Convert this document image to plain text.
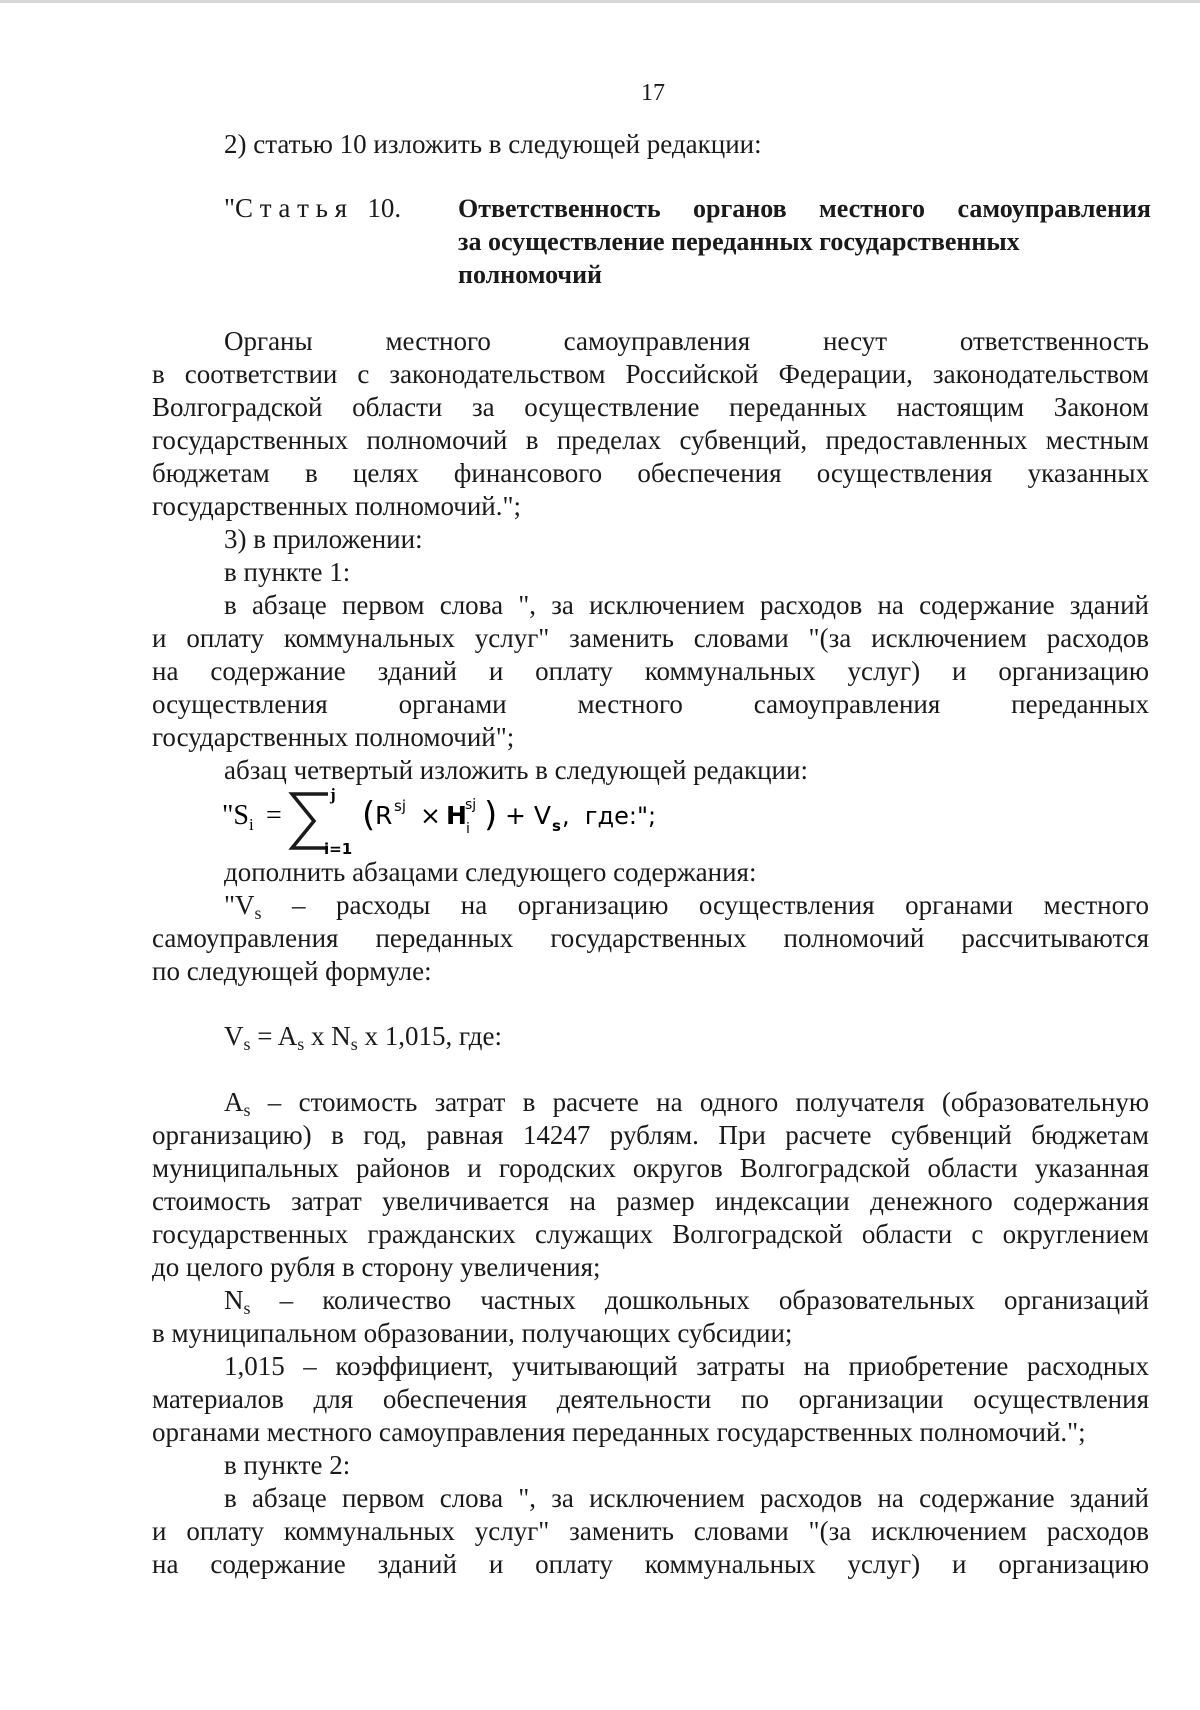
17
2) статью 10 изложить в следующей редакции:
"С т а т ь я   10. Ответственность органов местного самоуправления
за осуществление переданных государственных
полномочий
Органы местного самоуправления несут ответственность
в соответствии с законодательством Российской Федерации, законодательством
Волгоградской области за осуществление переданных настоящим Законом
государственных полномочий в пределах субвенций, предоставленных местным
бюджетам в целях финансового обеспечения осуществления указанных
государственных полномочий.";
3) в приложении:
в пункте 1:
в абзаце первом слова ", за исключением расходов на содержание зданий
и оплату коммунальных услуг" заменить словами "(за исключением расходов
на содержание зданий и оплату коммунальных услуг) и организацию
осуществления органами местного самоуправления переданных
государственных полномочий";
абзац четвертый изложить в следующей редакции:
"S i =
j
i=1
( R sj × H
sj
i ) + V s ,  где:";
дополнить абзацами следующего содержания:
"$V_s$ – расходы на организацию осуществления органами местного
самоуправления переданных государственных полномочий рассчитываются
по следующей формуле:
$V_s = A_s$ x $N_s$ x 1,015, где:
$A_s$ – стоимость затрат в расчете на одного получателя (образовательную
организацию) в год, равная 14247 рублям. При расчете субвенций бюджетам
муниципальных районов и городских округов Волгоградской области указанная
стоимость затрат увеличивается на размер индексации денежного содержания
государственных гражданских служащих Волгоградской области с округлением
до целого рубля в сторону увеличения;
$N_s$ – количество частных дошкольных образовательных организаций
в муниципальном образовании, получающих субсидии;
1,015 – коэффициент, учитывающий затраты на приобретение расходных
материалов для обеспечения деятельности по организации осуществления
органами местного самоуправления переданных государственных полномочий.";
в пункте 2:
в абзаце первом слова ", за исключением расходов на содержание зданий
и оплату коммунальных услуг" заменить словами "(за исключением расходов
на содержание зданий и оплату коммунальных услуг) и организацию
